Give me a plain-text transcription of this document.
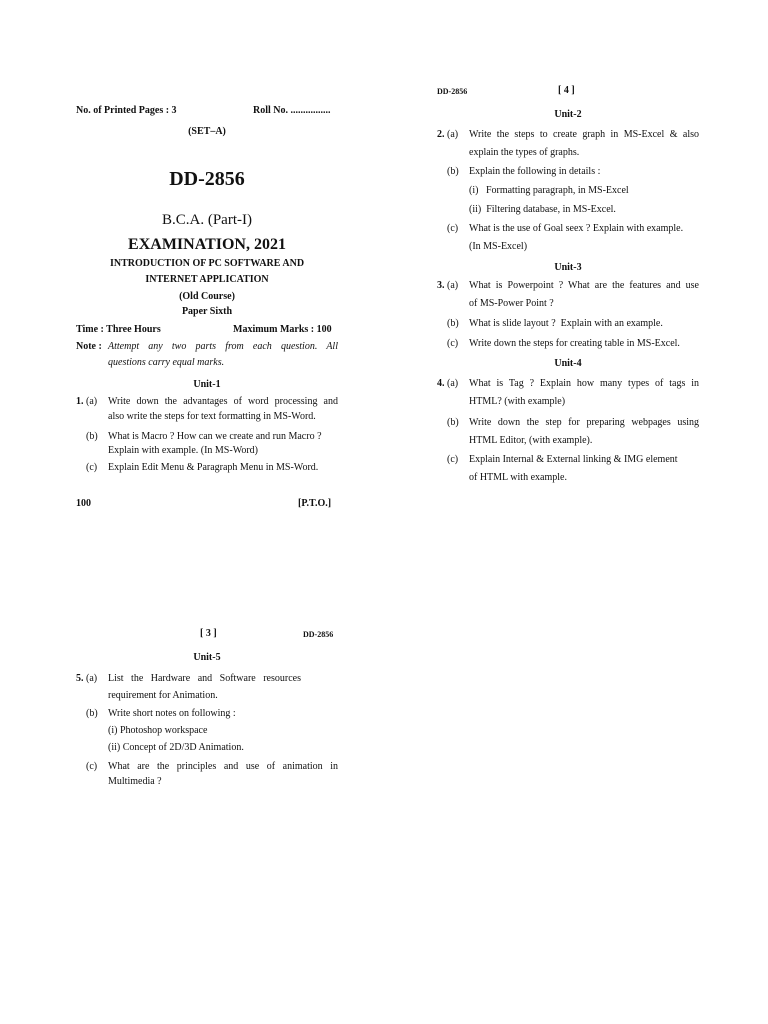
No. of Printed Pages : 3	Roll No. ................
(SET–A)
DD-2856
B.C.A. (Part-I)
EXAMINATION, 2021
INTRODUCTION OF PC SOFTWARE AND
INTERNET APPLICATION
(Old Course)
Paper Sixth
Time : Three Hours	Maximum Marks : 100
Note : Attempt any two parts from each question. All
questions carry equal marks.
Unit-1
1. (a) Write down the advantages of word processing and
also write the steps for text formatting in MS-Word.
(b) What is Macro ? How can we create and run Macro ?
Explain with example. (In MS-Word)
(c) Explain Edit Menu & Paragraph Menu in MS-Word.
100	[P.T.O.]
DD-2856	[ 4 ]
Unit-2
2. (a) Write the steps to create graph in MS-Excel & also
explain the types of graphs.
(b) Explain the following in details :
(i)   Formatting paragraph, in MS-Excel
(ii)  Filtering database, in MS-Excel.
(c) What is the use of Goal seex ? Explain with example.
(In MS-Excel)
Unit-3
3. (a) What is Powerpoint ? What are the features and use
of MS-Power Point ?
(b) What is slide layout ?  Explain with an example.
(c) Write down the steps for creating table in MS-Excel.
Unit-4
4. (a) What is Tag ? Explain how many types of tags in
HTML? (with example)
(b) Write down the step for preparing webpages using
HTML Editor, (with example).
(c) Explain Internal & External linking & IMG element
of HTML with example.
[ 3 ]	DD-2856
Unit-5
5. (a) List   the   Hardware   and   Software   resources
requirement for Animation.
(b) Write short notes on following :
(i) Photoshop workspace
(ii) Concept of 2D/3D Animation.
(c) What are the principles and use of animation in
Multimedia ?
